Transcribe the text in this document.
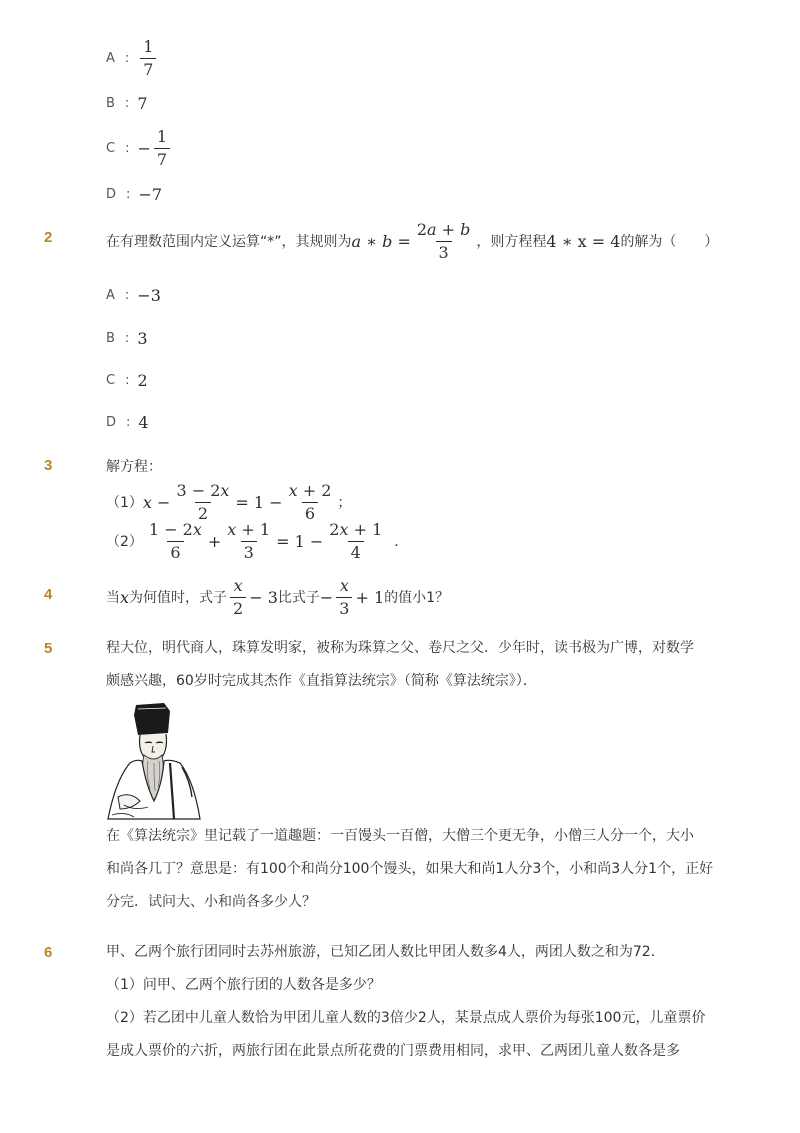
A : $\frac{1}{7}$
B : 7
C : − $\frac{1}{7}$
D : −7
2	在有理数范围内定义运算“*”，其规则为 a ∗ $b = \frac{2a + b}{3}$ ，则方程程 4 ∗ x = 4 的解为（　　）
A : −3
B : 3
C : 2
D : 4
3	解方程：
（1） $x - \frac{3 - 2x}{2} = 1 - \frac{x + 2}{6}$ ；
$(2) \frac{1 - 2x}{6} + \frac{x + 1}{3} = 1 - \frac{2x + 1}{4}$ ．
4	当 x 为何值时，式子 $\frac{x}{2} - 3$ 比式子 − $\frac{x}{3} + 1$ 的值小1？
5	程大位，明代商人，珠算发明家，被称为珠算之父、卷尺之父．少年时，读书极为广博，对数学
颇感兴趣，60岁时完成其杰作《直指算法统宗》（简称《算法统宗》）．
在《算法统宗》里记载了一道趣题：一百馒头一百僧，大僧三个更无争，小僧三人分一个，大小
和尚各几丁？意思是：有100个和尚分100个馒头，如果大和尚1人分3个，小和尚3人分1个，正好
分完．试问大、小和尚各多少人？
6	甲、乙两个旅行团同时去苏州旅游，已知乙团人数比甲团人数多4人，两团人数之和为72．
（1）问甲、乙两个旅行团的人数各是多少？
（2）若乙团中儿童人数恰为甲团儿童人数的3倍少2人，某景点成人票价为每张100元，儿童票价
是成人票价的六折，两旅行团在此景点所花费的门票费用相同，求甲、乙两团儿童人数各是多
